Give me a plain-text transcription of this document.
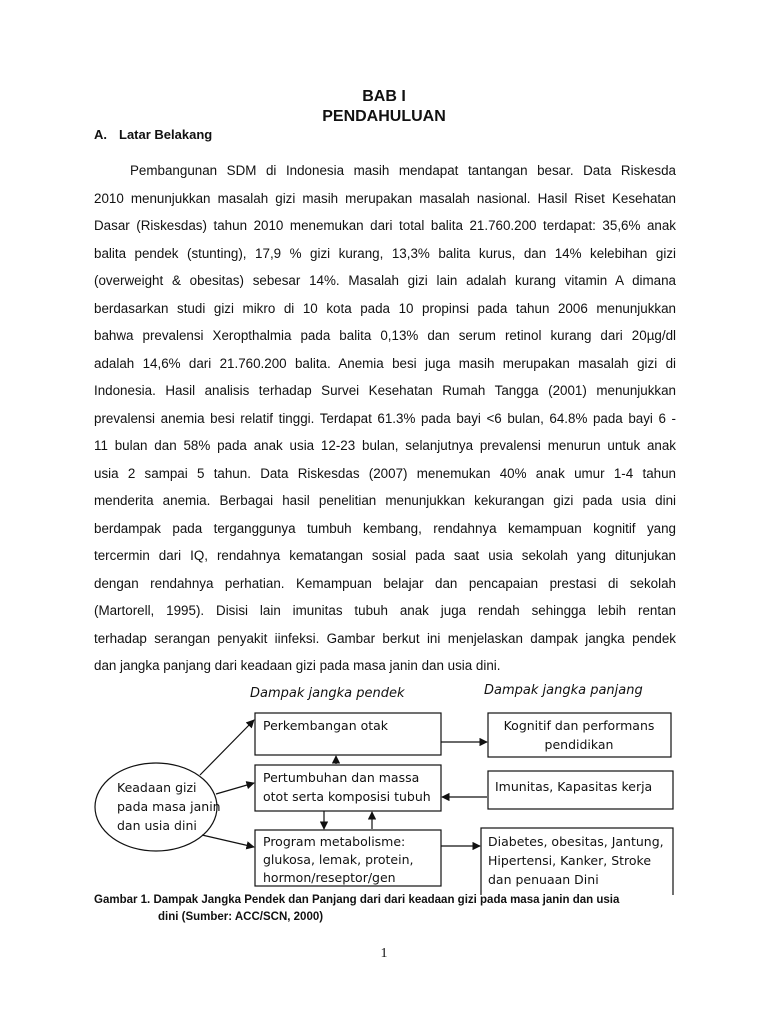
BAB I
PENDAHULUAN
A. Latar Belakang
Pembangunan SDM di Indonesia masih mendapat tantangan besar. Data Riskesda
2010 menunjukkan masalah gizi masih merupakan masalah nasional. Hasil Riset Kesehatan
Dasar (Riskesdas) tahun 2010 menemukan dari total balita 21.760.200 terdapat: 35,6% anak
balita pendek (stunting), 17,9 % gizi kurang, 13,3% balita kurus, dan 14% kelebihan gizi
(overweight & obesitas) sebesar 14%. Masalah gizi lain adalah kurang vitamin A dimana
berdasarkan studi gizi mikro di 10 kota pada 10 propinsi pada tahun 2006 menunjukkan
bahwa prevalensi Xeropthalmia pada balita 0,13% dan serum retinol kurang dari 20µg/dl
adalah 14,6% dari 21.760.200 balita. Anemia besi juga masih merupakan masalah gizi di
Indonesia. Hasil analisis terhadap Survei Kesehatan Rumah Tangga (2001) menunjukkan
prevalensi anemia besi relatif tinggi. Terdapat 61.3% pada bayi <6 bulan, 64.8% pada bayi 6 -
11 bulan dan 58% pada anak usia 12-23 bulan, selanjutnya prevalensi menurun untuk anak
usia 2 sampai 5 tahun. Data Riskesdas (2007) menemukan 40% anak umur 1-4 tahun
menderita anemia. Berbagai hasil penelitian menunjukkan kekurangan gizi pada usia dini
berdampak pada terganggunya tumbuh kembang, rendahnya kemampuan kognitif yang
tercermin dari IQ, rendahnya kematangan sosial pada saat usia sekolah yang ditunjukan
dengan rendahnya perhatian. Kemampuan belajar dan pencapaian prestasi di sekolah
(Martorell, 1995). Disisi lain imunitas tubuh anak juga rendah sehingga lebih rentan
terhadap serangan penyakit iinfeksi. Gambar berkut ini menjelaskan dampak jangka pendek
dan jangka panjang dari keadaan gizi pada masa janin dan usia dini.
Dampak jangka pendek	Dampak jangka panjang
Keadaan gizi
pada masa janin
dan usia dini
Perkembangan otak
Pertumbuhan dan massa
otot serta komposisi tubuh
Program metabolisme:
glukosa, lemak, protein,
hormon/reseptor/gen
Kognitif dan performans
pendidikan
Imunitas, Kapasitas kerja
Diabetes, obesitas, Jantung,
Hipertensi, Kanker, Stroke
dan penuaan Dini
Gambar 1. Dampak Jangka Pendek dan Panjang dari dari keadaan gizi pada masa janin dan usia
dini (Sumber: ACC/SCN, 2000)
1
